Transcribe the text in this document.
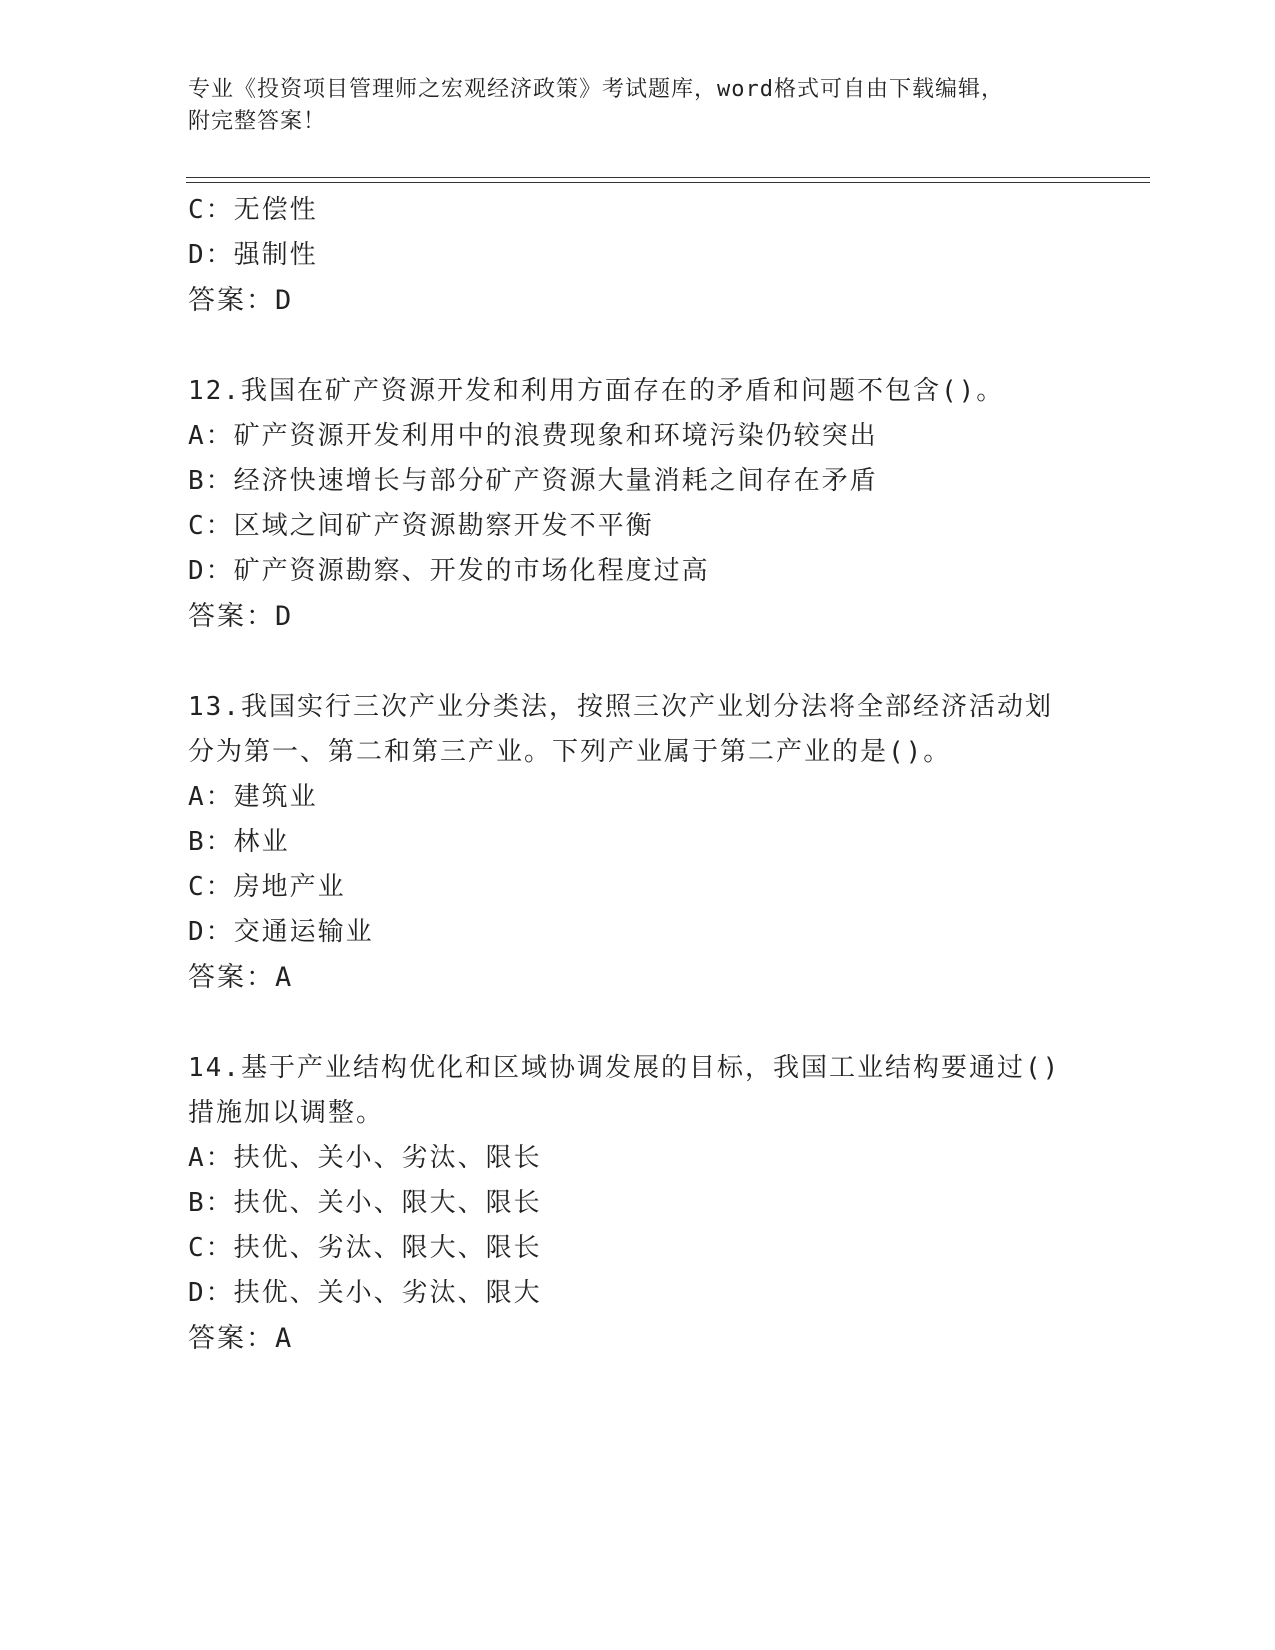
专业《投资项目管理师之宏观经济政策》考试题库，word格式可自由下载编辑，
附完整答案！
C：无偿性
D：强制性
答案：D
12.我国在矿产资源开发和利用方面存在的矛盾和问题不包含()。
A：矿产资源开发利用中的浪费现象和环境污染仍较突出
B：经济快速增长与部分矿产资源大量消耗之间存在矛盾
C：区域之间矿产资源勘察开发不平衡
D：矿产资源勘察、开发的市场化程度过高
答案：D
13.我国实行三次产业分类法，按照三次产业划分法将全部经济活动划
分为第一、第二和第三产业。下列产业属于第二产业的是()。
A：建筑业
B：林业
C：房地产业
D：交通运输业
答案：A
14.基于产业结构优化和区域协调发展的目标，我国工业结构要通过()
措施加以调整。
A：扶优、关小、劣汰、限长
B：扶优、关小、限大、限长
C：扶优、劣汰、限大、限长
D：扶优、关小、劣汰、限大
答案：A
